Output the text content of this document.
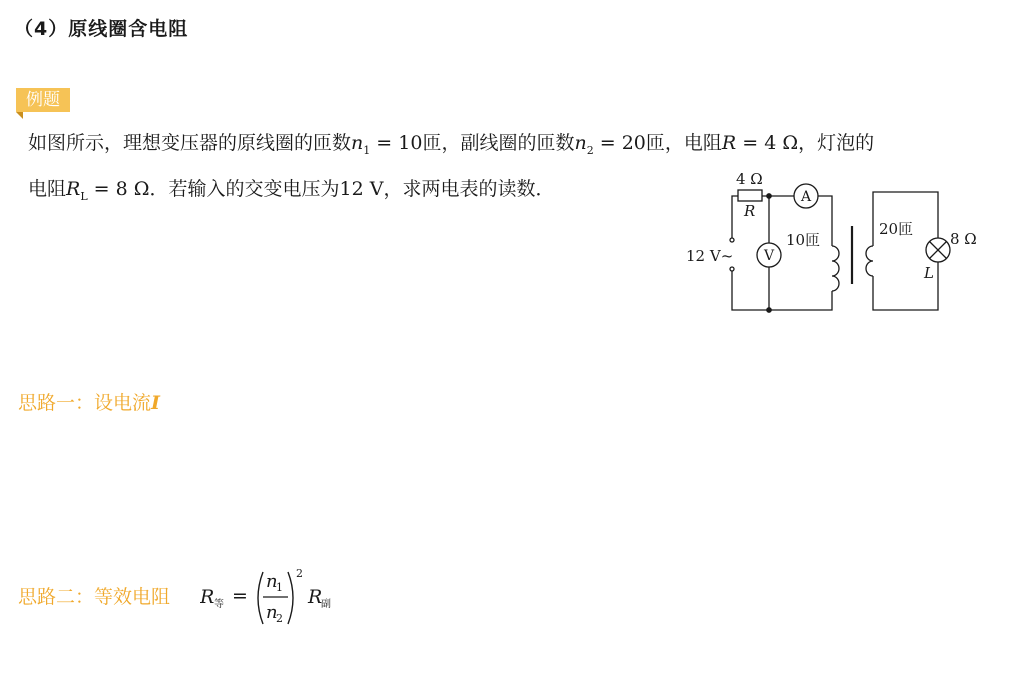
（4）原线圈含电阻
例题
如图所示，理想变压器的原线圈的匝数$n_1 = 10$匝，副线圈的匝数$n_2 = 20$匝，电阻R = 4 Ω，灯泡的
电阻$R_L = 8$ Ω．若输入的交变电压为12 V，求两电表的读数．	4 Ω
R
A
V
12 V~
10匝
20匝
8 Ω
L
思路一：设电流I
思路二：等效电阻 R 等 =
n
1
n
2
2
R
副
